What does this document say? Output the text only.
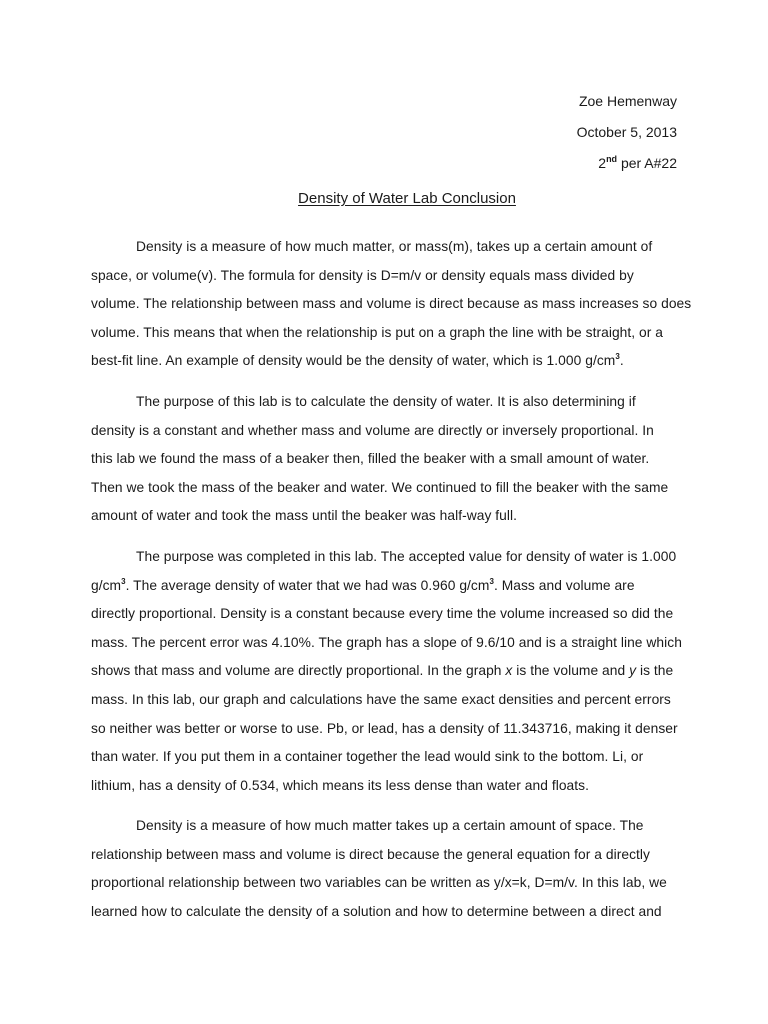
Zoe Hemenway
October 5, 2013
2nd per A#22
Density of Water Lab Conclusion

Density is a measure of how much matter, or mass(m), takes up a certain amount of
space, or volume(v). The formula for density is D=m/v or density equals mass divided by
volume. The relationship between mass and volume is direct because as mass increases so does
volume. This means that when the relationship is put on a graph the line with be straight, or a
best-fit line. An example of density would be the density of water, which is 1.000 $g/cm^3$.

The purpose of this lab is to calculate the density of water. It is also determining if
density is a constant and whether mass and volume are directly or inversely proportional. In
this lab we found the mass of a beaker then, filled the beaker with a small amount of water.
Then we took the mass of the beaker and water. We continued to fill the beaker with the same
amount of water and took the mass until the beaker was half-way full.

The purpose was completed in this lab. The accepted value for density of water is 1.000
$g/cm^3$. The average density of water that we had was 0.960 $g/cm^3$. Mass and volume are
directly proportional. Density is a constant because every time the volume increased so did the
mass. The percent error was 4.10%. The graph has a slope of 9.6/10 and is a straight line which
shows that mass and volume are directly proportional. In the graph x is the volume and y is the
mass. In this lab, our graph and calculations have the same exact densities and percent errors
so neither was better or worse to use. Pb, or lead, has a density of 11.343716, making it denser
than water. If you put them in a container together the lead would sink to the bottom. Li, or
lithium, has a density of 0.534, which means its less dense than water and floats.

Density is a measure of how much matter takes up a certain amount of space. The
relationship between mass and volume is direct because the general equation for a directly
proportional relationship between two variables can be written as y/x=k, D=m/v. In this lab, we
learned how to calculate the density of a solution and how to determine between a direct and
